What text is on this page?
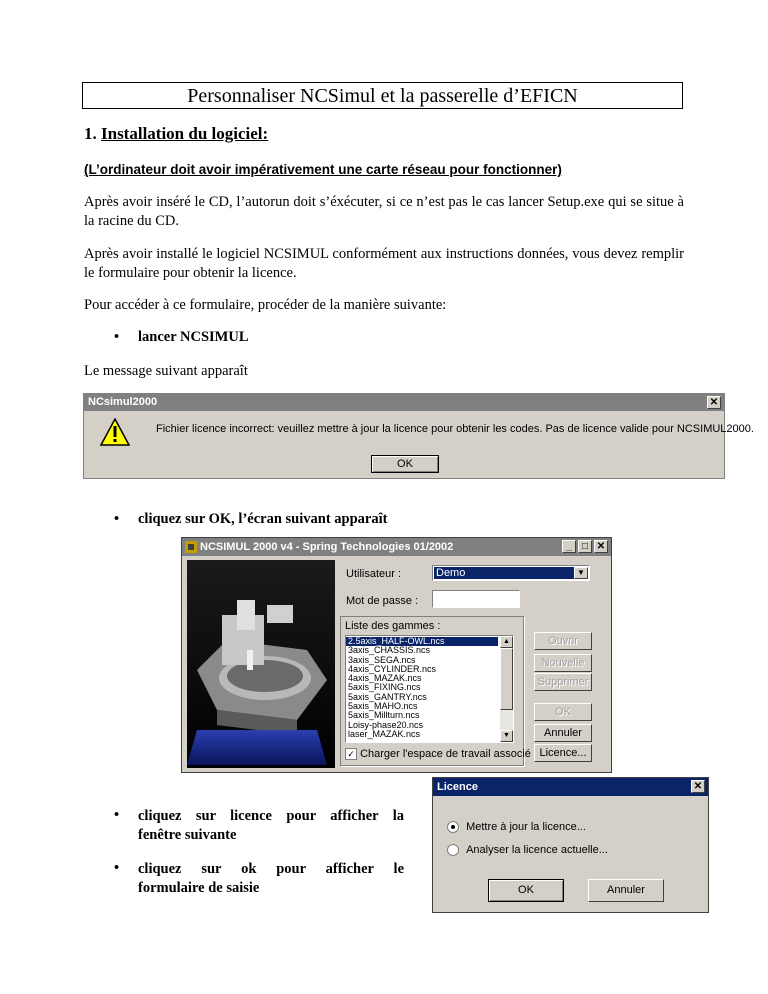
Personnaliser NCSimul et la passerelle d’EFICN
1. Installation du logiciel:
(L’ordinateur doit avoir impérativement une carte réseau pour fonctionner)
Après avoir inséré le CD, l’autorun doit s’éxécuter, si ce n’est pas le cas lancer Setup.exe qui se situe à la racine du CD.
Après avoir installé le logiciel NCSIMUL conformément aux instructions données, vous devez remplir le formulaire pour obtenir la licence.
Pour accéder à ce formulaire, procéder de la manière suivante:
• lancer NCSIMUL
Le message suivant apparaît
NCsimul2000	✕
Fichier licence incorrect: veuillez mettre à jour la licence pour obtenir les codes. Pas de licence valide pour NCSIMUL2000.
OK
• cliquez sur OK, l’écran suivant apparaît
NCSIMUL 2000 v4 - Spring Technologies 01/2002	_	□ ✕
Utilisateur :	Demo	▼
Mot de passe :
Liste des gammes :
2.5axis_HALF-OWL.ncs
3axis_CHASSIS.ncs
3axis_SEGA.ncs
4axis_CYLINDER.ncs
4axis_MAZAK.ncs
5axis_FIXING.ncs
5axis_GANTRY.ncs
5axis_MAHO.ncs
5axis_Millturn.ncs
Loisy-phase20.ncs
laser_MAZAK.ncs
▲
▼
✓ Charger l'espace de travail associé
Ouvrir
Nouvelle
Supprimer
OK
Annuler
Licence...
• cliquez sur licence pour afficher la
fenêtre suivante
• cliquez sur ok pour afficher le
formulaire de saisie
Licence	✕
Mettre à jour la licence...
Analyser la licence actuelle...
OK	Annuler
